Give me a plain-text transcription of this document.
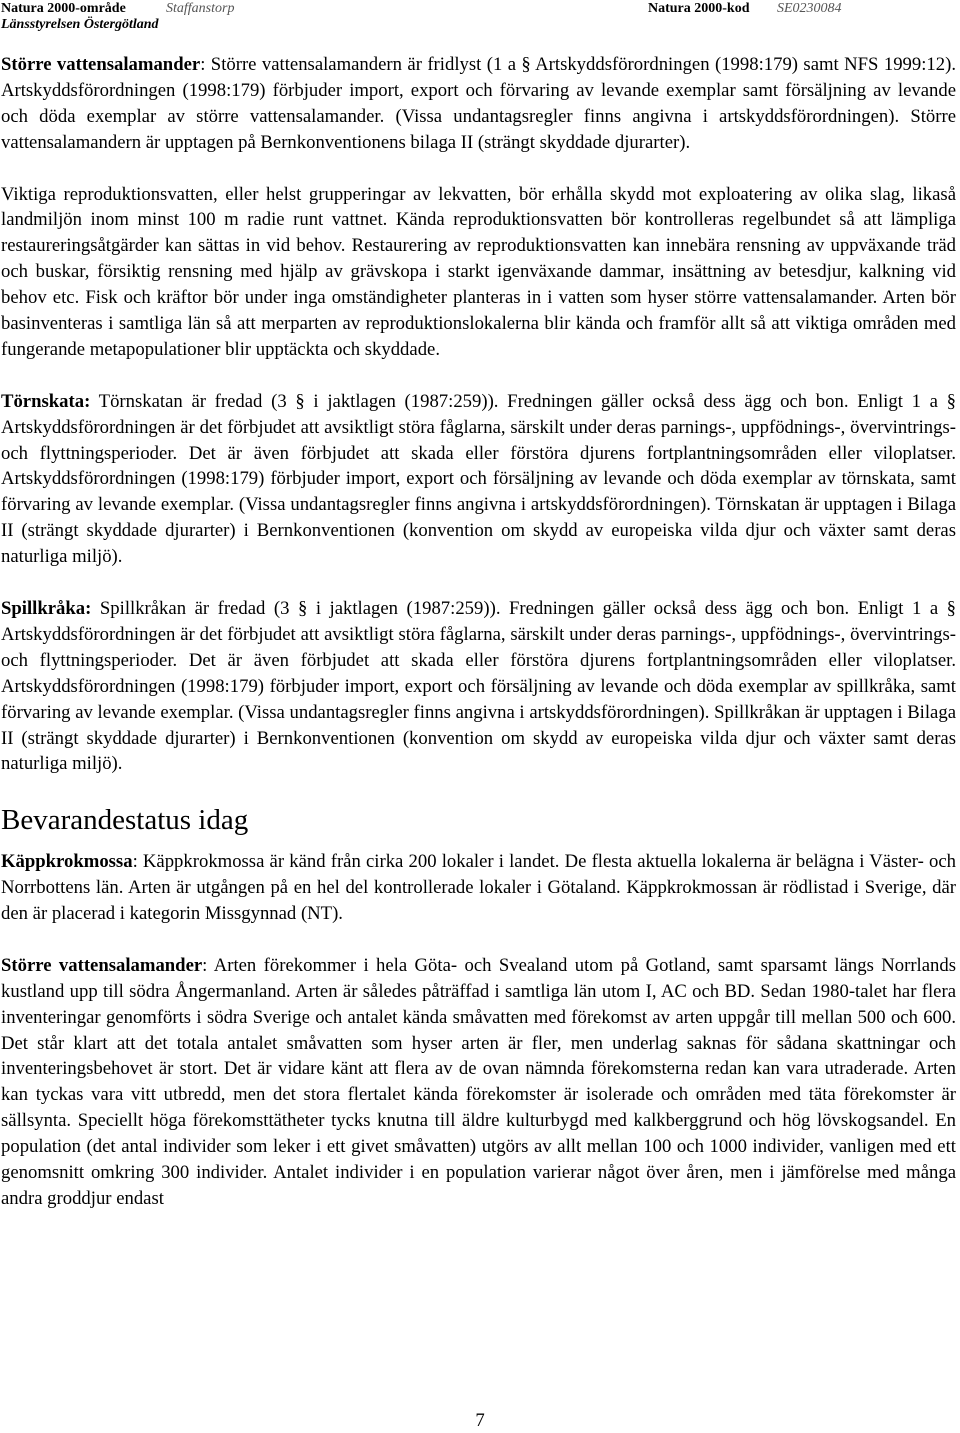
Natura 2000-område	Staffanstorp	Natura 2000-kod SE0230084
Länsstyrelsen Östergötland

Större vattensalamander: Större vattensalamandern är fridlyst (1 a § Artskyddsförordningen (1998:179) samt NFS 1999:12). Artskyddsförordningen (1998:179) förbjuder import, export och förvaring av levande exemplar samt försäljning av levande och döda exemplar av större vattensalamander. (Vissa undantagsregler finns angivna i artskyddsförordningen). Större vattensalamandern är upptagen på Bernkonventionens bilaga II (strängt skyddade djurarter).

Viktiga reproduktionsvatten, eller helst grupperingar av lekvatten, bör erhålla skydd mot exploatering av olika slag, likaså landmiljön inom minst 100 m radie runt vattnet. Kända reproduktionsvatten bör kontrolleras regelbundet så att lämpliga restaureringsåtgärder kan sättas in vid behov. Restaurering av reproduktionsvatten kan innebära rensning av uppväxande träd och buskar, försiktig rensning med hjälp av grävskopa i starkt igenväxande dammar, insättning av betesdjur, kalkning vid behov etc. Fisk och kräftor bör under inga omständigheter planteras in i vatten som hyser större vattensalamander. Arten bör basinventeras i samtliga län så att merparten av reproduktionslokalerna blir kända och framför allt så att viktiga områden med fungerande metapopulationer blir upptäckta och skyddade.

Törnskata: Törnskatan är fredad (3 § i jaktlagen (1987:259)). Fredningen gäller också dess ägg och bon. Enligt 1 a § Artskyddsförordningen är det förbjudet att avsiktligt störa fåglarna, särskilt under deras parnings-, uppfödnings-, övervintrings- och flyttningsperioder. Det är även förbjudet att skada eller förstöra djurens fortplantningsområden eller viloplatser. Artskyddsförordningen (1998:179) förbjuder import, export och försäljning av levande och döda exemplar av törnskata, samt förvaring av levande exemplar. (Vissa undantagsregler finns angivna i artskyddsförordningen). Törnskatan är upptagen i Bilaga II (strängt skyddade djurarter) i Bernkonventionen (konvention om skydd av europeiska vilda djur och växter samt deras naturliga miljö).

Spillkråka: Spillkråkan är fredad (3 § i jaktlagen (1987:259)). Fredningen gäller också dess ägg och bon. Enligt 1 a § Artskyddsförordningen är det förbjudet att avsiktligt störa fåglarna, särskilt under deras parnings-, uppfödnings-, övervintrings- och flyttningsperioder. Det är även förbjudet att skada eller förstöra djurens fortplantningsområden eller viloplatser. Artskyddsförordningen (1998:179) förbjuder import, export och försäljning av levande och döda exemplar av spillkråka, samt förvaring av levande exemplar. (Vissa undantagsregler finns angivna i artskyddsförordningen). Spillkråkan är upptagen i Bilaga II (strängt skyddade djurarter) i Bernkonventionen (konvention om skydd av europeiska vilda djur och växter samt deras naturliga miljö).

Bevarandestatus idag

Käppkrokmossa: Käppkrokmossa är känd från cirka 200 lokaler i landet. De flesta aktuella lokalerna är belägna i Väster- och Norrbottens län. Arten är utgången på en hel del kontrollerade lokaler i Götaland. Käppkrokmossan är rödlistad i Sverige, där den är placerad i kategorin Missgynnad (NT).

Större vattensalamander: Arten förekommer i hela Göta- och Svealand utom på Gotland, samt sparsamt längs Norrlands kustland upp till södra Ångermanland. Arten är således påträffad i samtliga län utom I, AC och BD. Sedan 1980-talet har flera inventeringar genomförts i södra Sverige och antalet kända småvatten med förekomst av arten uppgår till mellan 500 och 600. Det står klart att det totala antalet småvatten som hyser arten är fler, men underlag saknas för sådana skattningar och inventeringsbehovet är stort. Det är vidare känt att flera av de ovan nämnda förekomsterna redan kan vara utraderade. Arten kan tyckas vara vitt utbredd, men det stora flertalet kända förekomster är isolerade och områden med täta förekomster är sällsynta. Speciellt höga förekomsttätheter tycks knutna till äldre kulturbygd med kalkberggrund och hög lövskogsandel. En population (det antal individer som leker i ett givet småvatten) utgörs av allt mellan 100 och 1000 individer, vanligen med ett genomsnitt omkring 300 individer. Antalet individer i en population varierar något över åren, men i jämförelse med många andra groddjur endast

7
